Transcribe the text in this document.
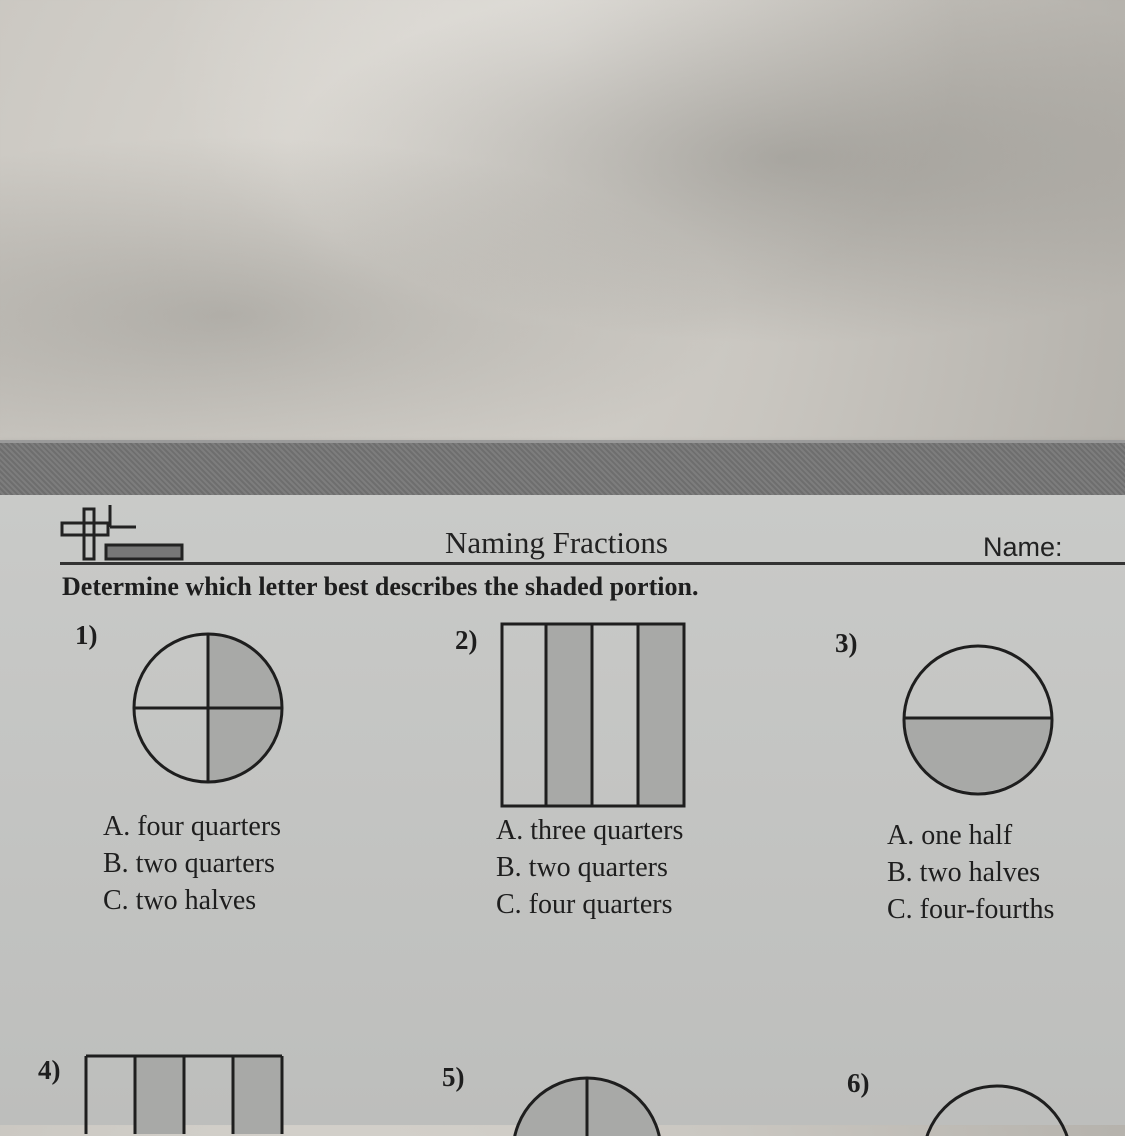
Naming Fractions	Name:
Determine which letter best describes the shaded portion.
1)
A. four quarters
B. two quarters
C. two halves
2)
A. three quarters
B. two quarters
C. four quarters
3)
A. one half
B. two halves
C. four-fourths
4)	5)	6)
